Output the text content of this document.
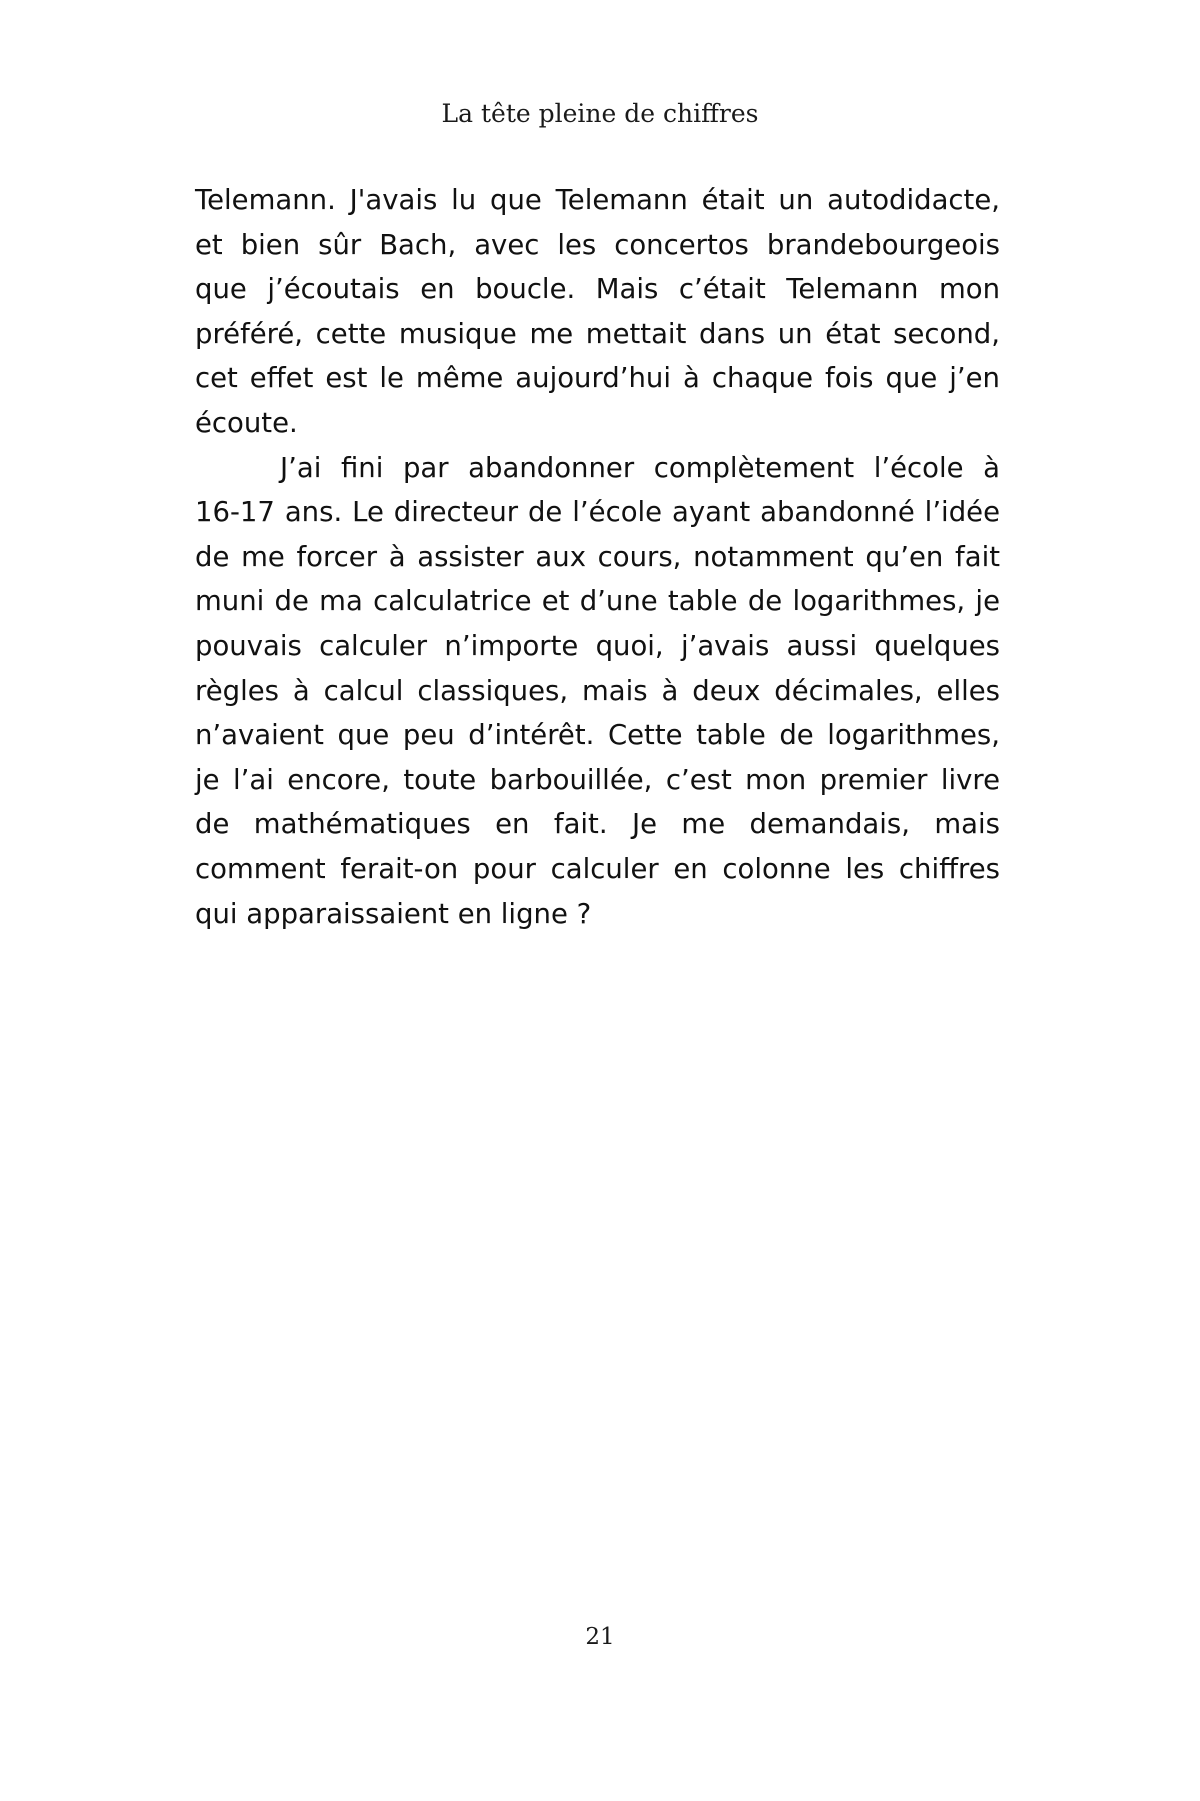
La tête pleine de chiffres

Telemann. J'avais lu que Telemann était un autodidacte,
et bien sûr Bach, avec les concertos brandebourgeois
que j’écoutais en boucle. Mais c’était Telemann mon
préféré, cette musique me mettait dans un état second,
cet effet est le même aujourd’hui à chaque fois que j’en
écoute.

J’ai fini par abandonner complètement l’école à
16-17 ans. Le directeur de l’école ayant abandonné l’idée
de me forcer à assister aux cours, notamment qu’en fait
muni de ma calculatrice et d’une table de logarithmes, je
pouvais calculer n’importe quoi, j’avais aussi quelques
règles à calcul classiques, mais à deux décimales, elles
n’avaient que peu d’intérêt. Cette table de logarithmes,
je l’ai encore, toute barbouillée, c’est mon premier livre
de mathématiques en fait. Je me demandais, mais
comment ferait-on pour calculer en colonne les chiffres
qui apparaissaient en ligne ?

21
